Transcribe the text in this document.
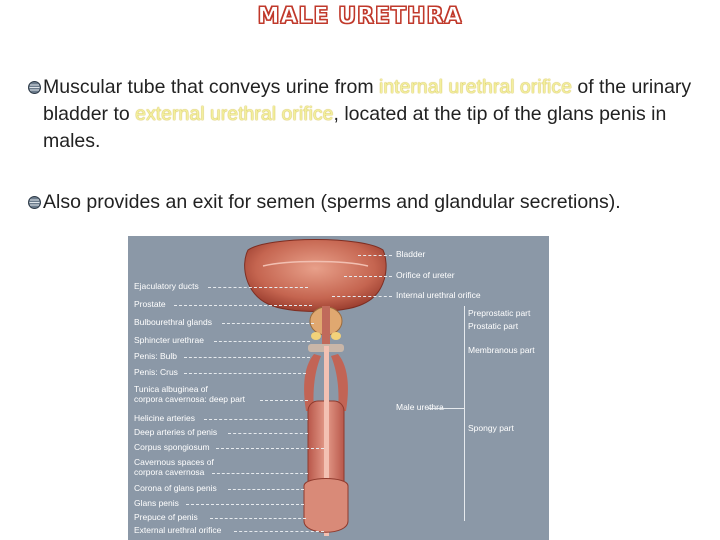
MALE URETHRA
Muscular tube that conveys urine from internal urethral orifice of the urinary bladder to external urethral orifice, located at the tip of the glans penis in males.
Also provides an exit for semen (sperms and glandular secretions).
Ejaculatory ducts
Prostate
Bulbourethral glands
Sphincter urethrae
Penis: Bulb
Penis: Crus
Tunica albuginea of
corpora cavernosa: deep part
Helicine arteries
Deep arteries of penis
Corpus spongiosum
Cavernous spaces of
corpora cavernosa
Corona of glans penis
Glans penis
Prepuce of penis
External urethral orifice
Bladder
Orifice of ureter
Internal urethral orifice
Preprostatic part
Prostatic part
Membranous part
Male urethra
Spongy part
